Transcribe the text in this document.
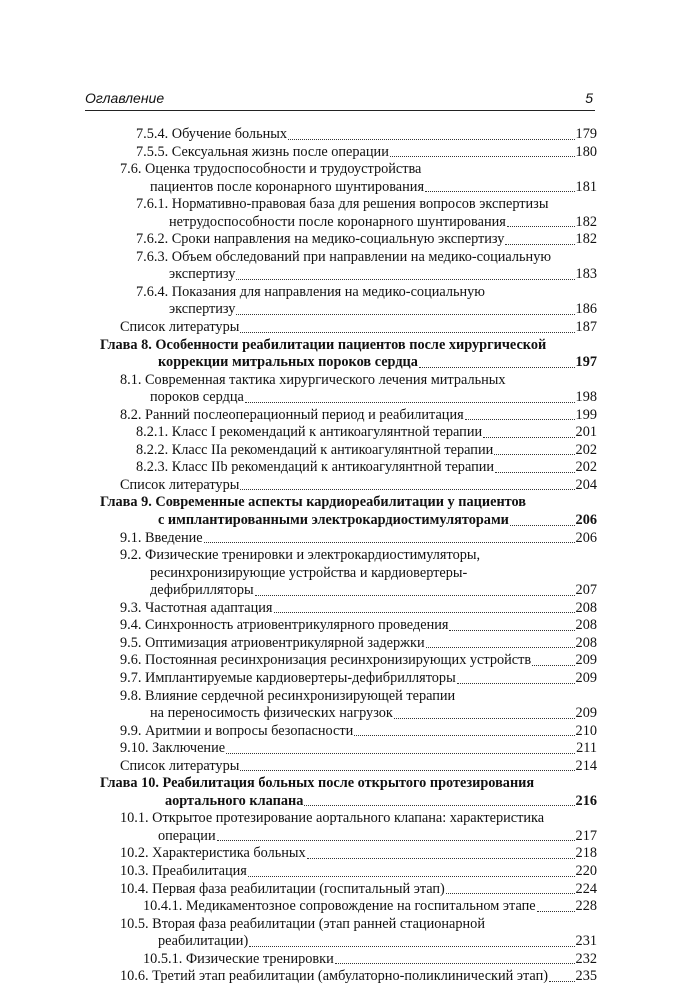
Оглавление	5
7.5.4. Обучение больных	179
7.5.5. Сексуальная жизнь после операции	180
7.6. Оценка трудоспособности и трудоустройства
пациентов после коронарного шунтирования	181
7.6.1. Нормативно-правовая база для решения вопросов экспертизы
нетрудоспособности после коронарного шунтирования	182
7.6.2. Сроки направления на медико-социальную экспертизу	182
7.6.3. Объем обследований при направлении на медико-социальную
экспертизу	183
7.6.4. Показания для направления на медико-социальную
экспертизу	186
Список литературы	187
Глава 8. Особенности реабилитации пациентов после хирургической
коррекции митральных пороков сердца	197
8.1. Современная тактика хирургического лечения митральных
пороков сердца	198
8.2. Ранний послеоперационный период и реабилитация	199
8.2.1. Класс I рекомендаций к антикоагулянтной терапии	201
8.2.2. Класс IIa рекомендаций к антикоагулянтной терапии	202
8.2.3. Класс IIb рекомендаций к антикоагулянтной терапии	202
Список литературы	204
Глава 9. Современные аспекты кардиореабилитации у пациентов
с имплантированными электрокардиостимуляторами	206
9.1. Введение	206
9.2. Физические тренировки и электрокардиостимуляторы,
ресинхронизирующие устройства и кардиовертеры-
дефибрилляторы	207
9.3. Частотная адаптация	208
9.4. Синхронность атриовентрикулярного проведения	208
9.5. Оптимизация атриовентрикулярной задержки	208
9.6. Постоянная ресинхронизация ресинхронизирующих устройств	209
9.7. Имплантируемые кардиовертеры-дефибрилляторы	209
9.8. Влияние сердечной ресинхронизирующей терапии
на переносимость физических нагрузок	209
9.9. Аритмии и вопросы безопасности	210
9.10. Заключение	211
Список литературы	214
Глава 10. Реабилитация больных после открытого протезирования
аортального клапана	216
10.1. Открытое протезирование аортального клапана: характеристика
операции	217
10.2. Характеристика больных	218
10.3. Преабилитация	220
10.4. Первая фаза реабилитации (госпитальный этап)	224
10.4.1. Медикаментозное сопровождение на госпитальном этапе	228
10.5. Вторая фаза реабилитации (этап ранней стационарной
реабилитации)	231
10.5.1. Физические тренировки	232
10.6. Третий этап реабилитации (амбулаторно-поликлинический этап) 235
